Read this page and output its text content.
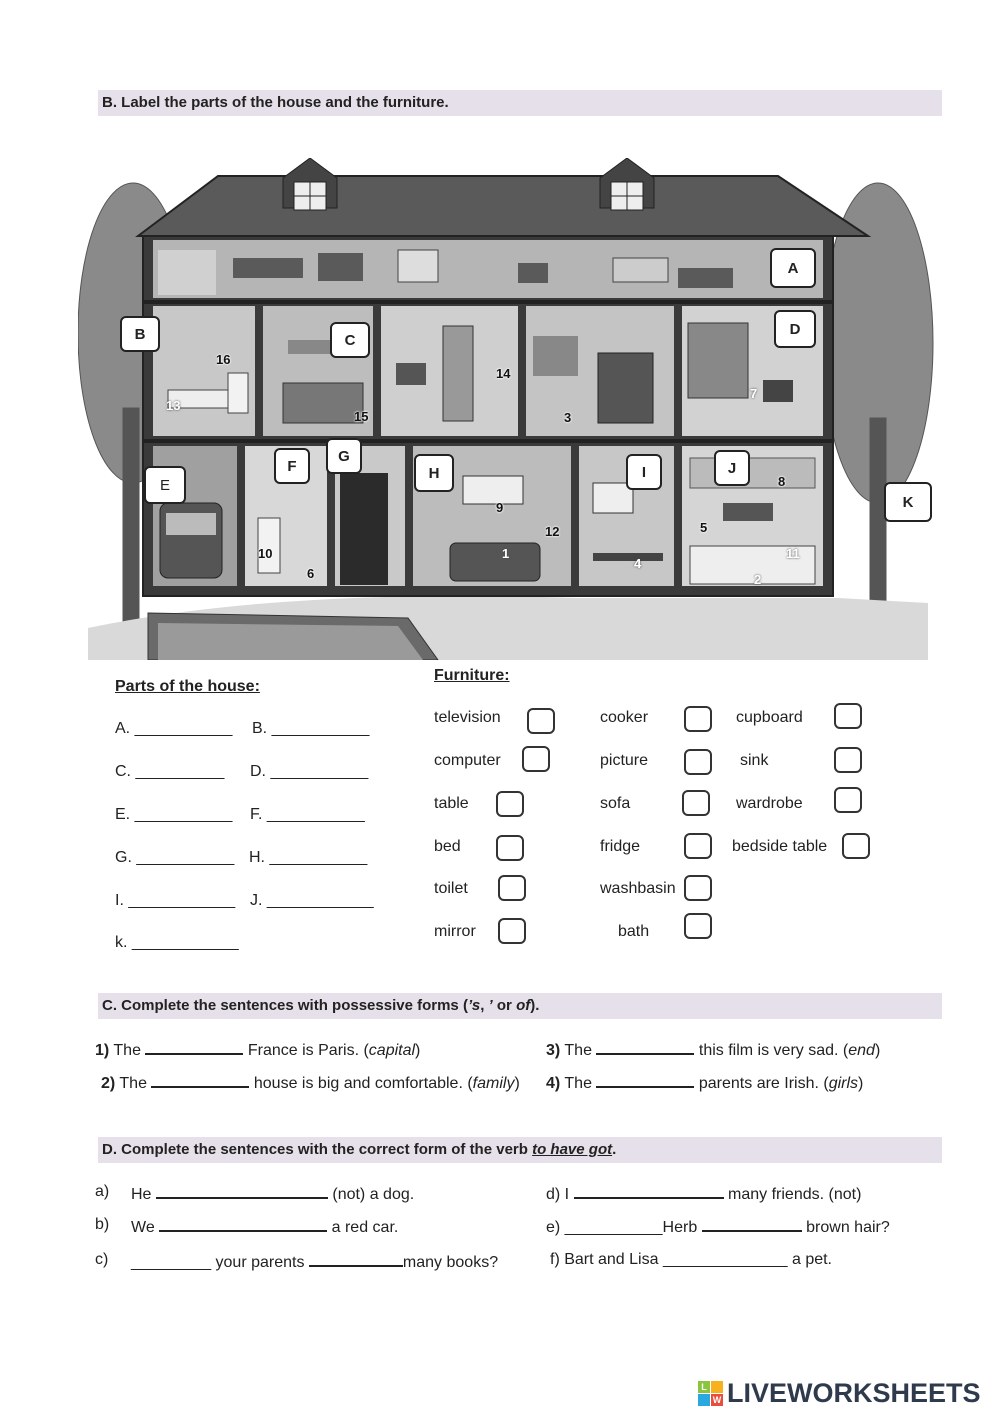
B. Label the parts of the house and the furniture.
A
B	C
D
E
F
G
H	I	J
K
16
13
15
14
3
7
9
12
1
4
8
5
11
2
10
6
Parts of the house:
A. ___________ B. ___________
C. __________ D. ___________
E. ___________ F. ___________
G. ___________ H. ___________
I. ____________ J. ____________
k. ____________
Furniture:
television	cooker	cupboard
computer	picture	sink
table	sofa	wardrobe
bed	fridge	bedside table
toilet	washbasin
mirror	bath
C. Complete the sentences with possessive forms (’s, ’ or of).
1) The	France is Paris. (capital)	3) The	this film is very sad. (end)
2) The	house is big and comfortable. (family) 4) The	parents are Irish. (girls)
D. Complete the sentences with the correct form of the verb to have got.
a) He	(not) a dog.	d) I	many friends. (not)
b) We	a red car.	e) ___________Herb	brown hair?
c) _________ your parents	many books?	f) Bart and Lisa ______________ a pet.
L
W LIVEWORKSHEETS
